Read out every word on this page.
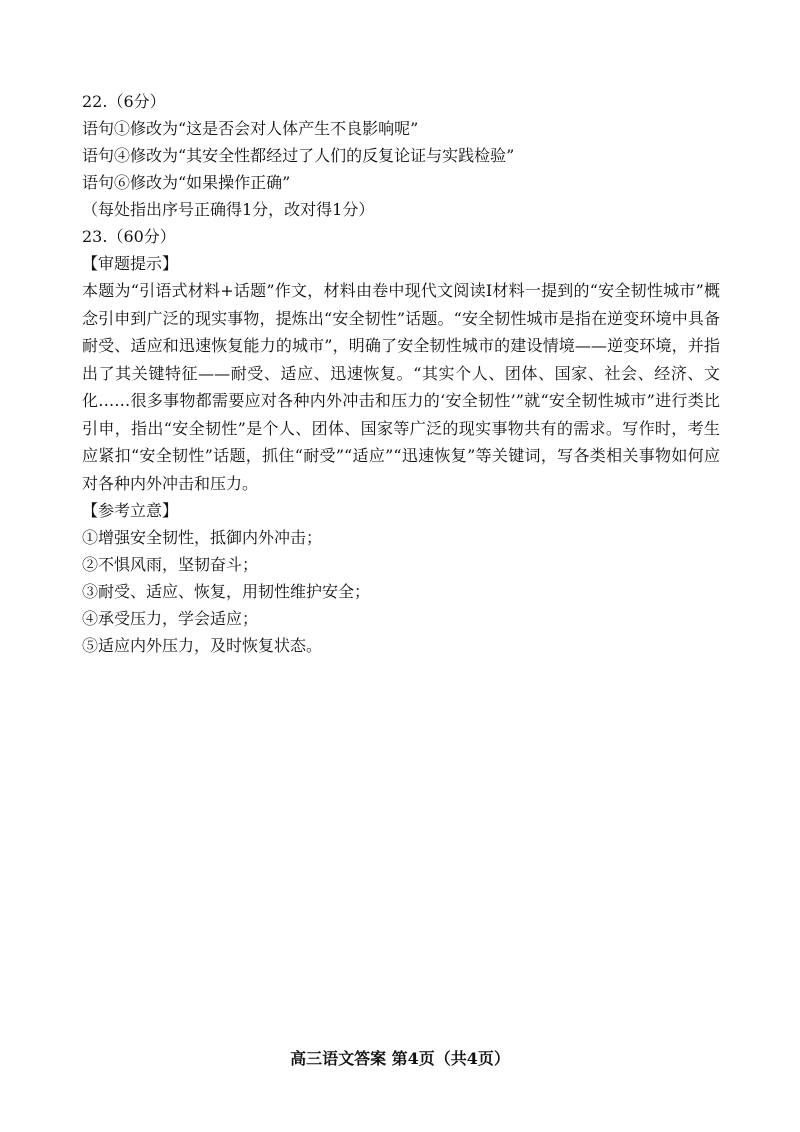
22.（6分）
语句①修改为“这是否会对人体产生不良影响呢”
语句④修改为“其安全性都经过了人们的反复论证与实践检验”
语句⑥修改为“如果操作正确”
（每处指出序号正确得1分，改对得1分）
23.（60分）
【审题提示】
本题为“引语式材料+话题”作文，材料由卷中现代文阅读Ⅰ材料一提到的“安全韧性城市”概念引申到广泛的现实事物，提炼出“安全韧性”话题。“安全韧性城市是指在逆变环境中具备耐受、适应和迅速恢复能力的城市”，明确了安全韧性城市的建设情境——逆变环境，并指出了其关键特征——耐受、适应、迅速恢复。“其实个人、团体、国家、社会、经济、文化……很多事物都需要应对各种内外冲击和压力的‘安全韧性’”就“安全韧性城市”进行类比引申，指出“安全韧性”是个人、团体、国家等广泛的现实事物共有的需求。写作时，考生应紧扣“安全韧性”话题，抓住“耐受”“适应”“迅速恢复”等关键词，写各类相关事物如何应对各种内外冲击和压力。
【参考立意】
①增强安全韧性，抵御内外冲击；
②不惧风雨，坚韧奋斗；
③耐受、适应、恢复，用韧性维护安全；
④承受压力，学会适应；
⑤适应内外压力，及时恢复状态。
高三语文答案 第4页（共4页）
